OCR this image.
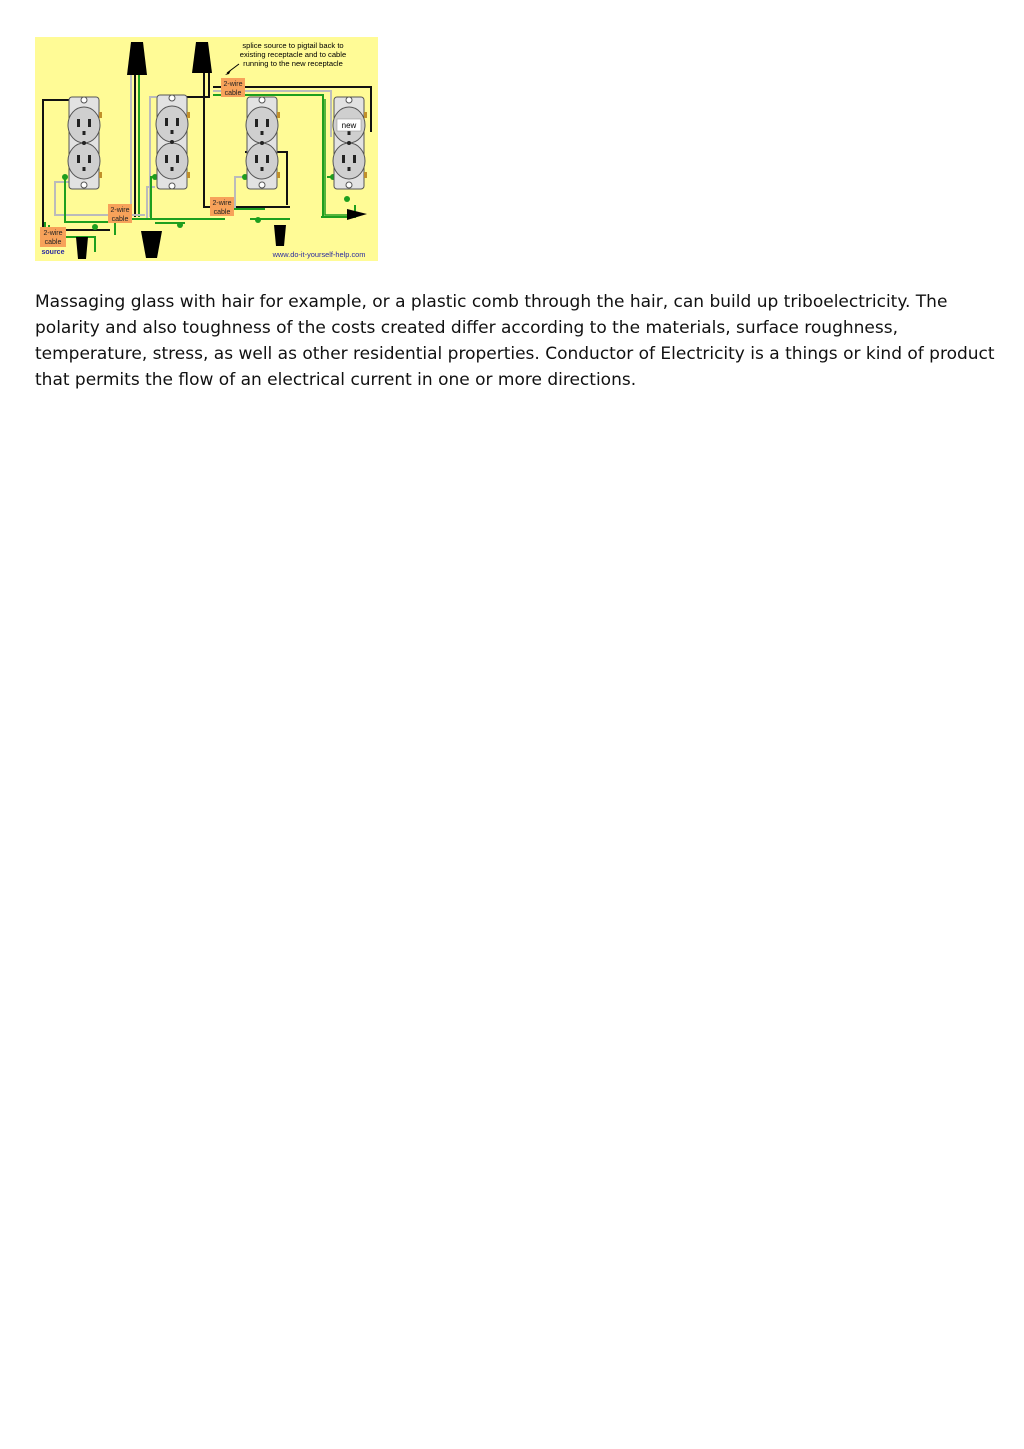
new
splice source to pigtail back to
existing receptacle and to cable
running to the new receptacle
2-wire
cable
2-wire
cable
2-wire
cable
2-wire
cable
source	www.do-it-yourself-help.com

Massaging glass with hair for example, or a plastic comb through the hair, can build up triboelectricity. The polarity and also toughness of the costs created differ according to the materials, surface roughness, temperature, stress, as well as other residential properties. Conductor of Electricity is a things or kind of product that permits the flow of an electrical current in one or more directions.
